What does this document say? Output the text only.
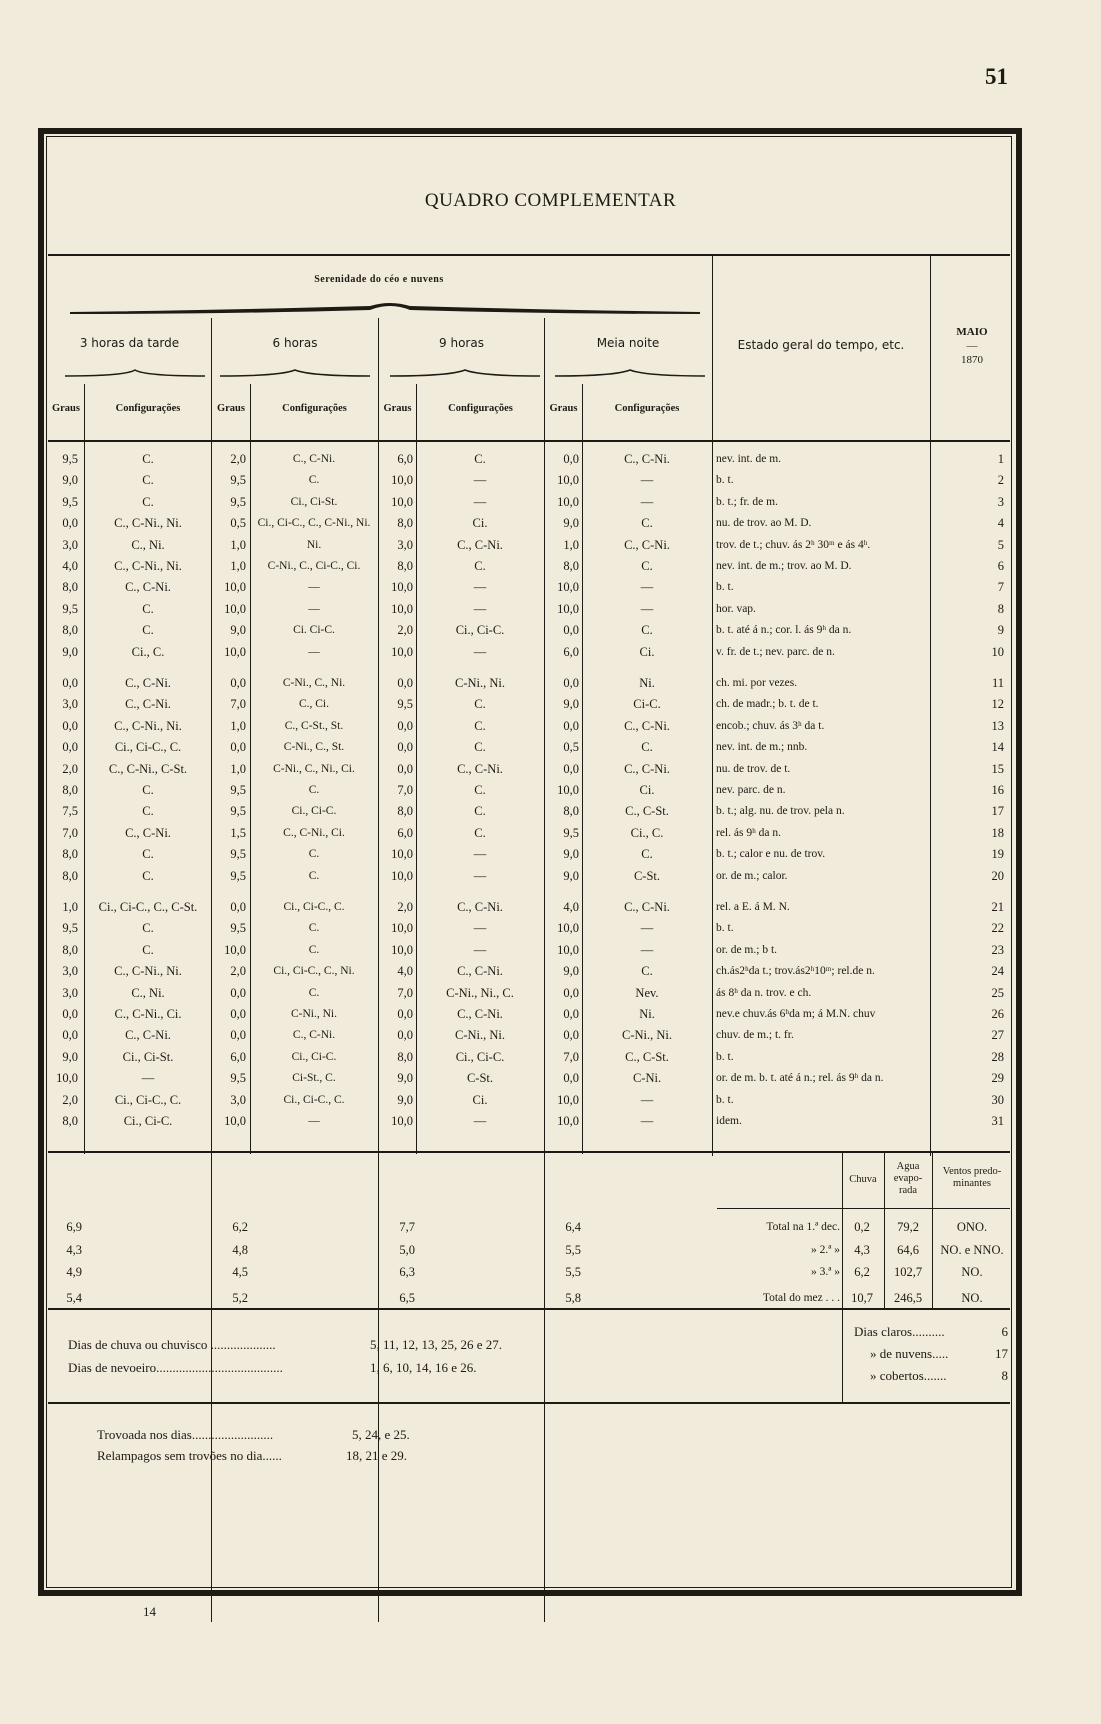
51
QUADRO COMPLEMENTAR
Serenidade do céo e nuvens
3 horas da tarde	6 horas	9 horas	Meia noite
Graus	Configurações	Graus	Configurações	Graus	Configurações	Graus	Configurações
Estado geral do tempo, etc.
MAIO
—
1870
9,5	C.	2,0	C., C-Ni.	6,0	C.	0,0	C., C-Ni.	nev. int. de m.	1
9,0	C.	9,5	C.	10,0	—	10,0	—	b. t.	2
9,5	C.	9,5	Ci., Ci-St.	10,0	—	10,0	—	b. t.; fr. de m.	3
0,0	C., C-Ni., Ni.	0,5	Ci., Ci-C., C., C-Ni., Ni.	8,0	Ci.	9,0	C.	nu. de trov. ao M. D.	4
3,0	C., Ni.	1,0	Ni.	3,0	C., C-Ni.	1,0	C., C-Ni.	trov. de t.; chuv. ás 2ʰ 30ᵐ e ás 4ʰ.	5
4,0	C., C-Ni., Ni.	1,0	C-Ni., C., Ci-C., Ci.	8,0	C.	8,0	C.	nev. int. de m.; trov. ao M. D.	6
8,0	C., C-Ni.	10,0	—	10,0	—	10,0	—	b. t.	7
9,5	C.	10,0	—	10,0	—	10,0	—	hor. vap.	8
8,0	C.	9,0	Ci. Ci-C.	2,0	Ci., Ci-C.	0,0	C.	b. t. até á n.; cor. l. ás 9ʰ da n.	9
9,0	Ci., C.	10,0	—	10,0	—	6,0	Ci.	v. fr. de t.; nev. parc. de n.	10
0,0	C., C-Ni.	0,0	C-Ni., C., Ni.	0,0	C-Ni., Ni.	0,0	Ni.	ch. mi. por vezes.	11
3,0	C., C-Ni.	7,0	C., Ci.	9,5	C.	9,0	Ci-C.	ch. de madr.; b. t. de t.	12
0,0	C., C-Ni., Ni.	1,0	C., C-St., St.	0,0	C.	0,0	C., C-Ni.	encob.; chuv. ás 3ʰ da t.	13
0,0	Ci., Ci-C., C.	0,0	C-Ni., C., St.	0,0	C.	0,5	C.	nev. int. de m.; nnb.	14
2,0	C., C-Ni., C-St.	1,0	C-Ni., C., Ni., Ci.	0,0	C., C-Ni.	0,0	C., C-Ni.	nu. de trov. de t.	15
8,0	C.	9,5	C.	7,0	C.	10,0	Ci.	nev. parc. de n.	16
7,5	C.	9,5	Ci., Ci-C.	8,0	C.	8,0	C., C-St.	b. t.; alg. nu. de trov. pela n.	17
7,0	C., C-Ni.	1,5	C., C-Ni., Ci.	6,0	C.	9,5	Ci., C.	rel. ás 9ʰ da n.	18
8,0	C.	9,5	C.	10,0	—	9,0	C.	b. t.; calor e nu. de trov.	19
8,0	C.	9,5	C.	10,0	—	9,0	C-St.	or. de m.; calor.	20
1,0	Ci., Ci-C., C., C-St.	0,0	Ci., Ci-C., C.	2,0	C., C-Ni.	4,0	C., C-Ni.	rel. a E. á M. N.	21
9,5	C.	9,5	C.	10,0	—	10,0	—	b. t.	22
8,0	C.	10,0	C.	10,0	—	10,0	—	or. de m.; b t.	23
3,0	C., C-Ni., Ni.	2,0	Ci., Ci-C., C., Ni.	4,0	C., C-Ni.	9,0	C.	ch.ás2ʰda t.; trov.ás2ʰ10ᵐ; rel.de n.	24
3,0	C., Ni.	0,0	C.	7,0	C-Ni., Ni., C.	0,0	Nev.	ás 8ʰ da n. trov. e ch.	25
0,0	C., C-Ni., Ci.	0,0	C-Ni., Ni.	0,0	C., C-Ni.	0,0	Ni.	nev.e chuv.ás 6ʰda m; á M.N. chuv	26
0,0	C., C-Ni.	0,0	C., C-Ni.	0,0	C-Ni., Ni.	0,0	C-Ni., Ni.	chuv. de m.; t. fr.	27
9,0	Ci., Ci-St.	6,0	Ci., Ci-C.	8,0	Ci., Ci-C.	7,0	C., C-St.	b. t.	28
10,0	—	9,5	Ci-St., C.	9,0	C-St.	0,0	C-Ni.	or. de m. b. t. até á n.; rel. ás 9ʰ da n.	29
2,0	Ci., Ci-C., C.	3,0	Ci., Ci-C., C.	9,0	Ci.	10,0	—	b. t.	30
8,0	Ci., Ci-C.	10,0	—	10,0	—	10,0	—	idem.	31
Chuva
Agua evapo-rada
Ventos predo-minantes
6,9	6,2	7,7	6,4	Total na 1.ª dec.	0,2	79,2	ONO.
4,3	4,8	5,0	5,5	» 2.ª »	4,3	64,6	NO. e NNO.
4,9	4,5	6,3	5,5	» 3.ª »	6,2	102,7	NO.
5,4	5,2	6,5	5,8	Total do mez . . . 10,7	246,5	NO.
Dias de chuva ou chuvisco ....................	5, 11, 12, 13, 25, 26 e 27.
Dias de nevoeiro.......................................	1, 6, 10, 14, 16 e 26.
Dias claros..........	6
» de nuvens.....	17
» cobertos.......	8
Trovoada nos dias.........................	5, 24, e 25.
Relampagos sem trovões no dia......	18, 21 e 29.
14
